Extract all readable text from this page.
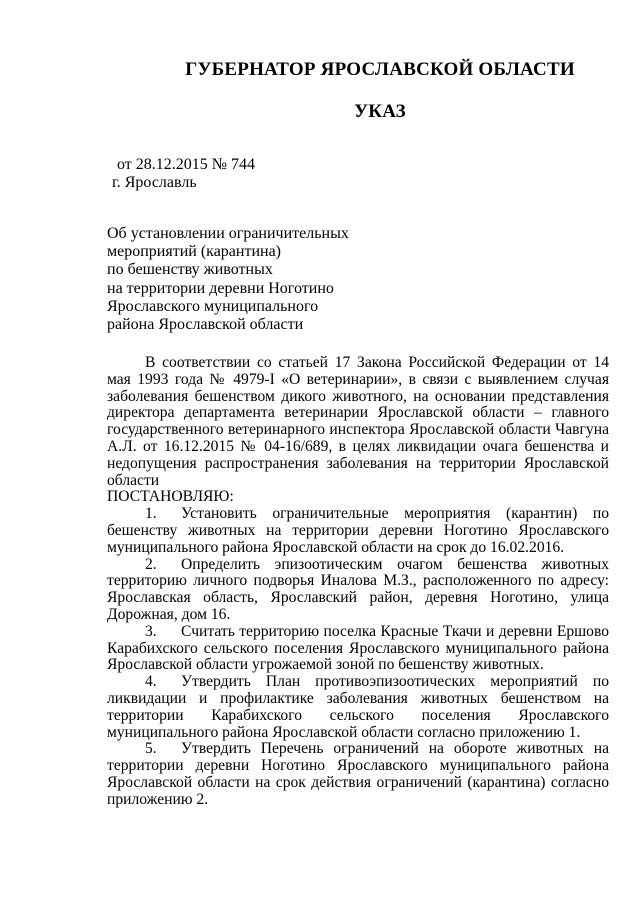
ГУБЕРНАТОР ЯРОСЛАВСКОЙ ОБЛАСТИ
УКАЗ
от 28.12.2015 № 744
г. Ярославль
Об установлении ограничительных
мероприятий (карантина)
по бешенству животных
на территории деревни Ноготино
Ярославского муниципального
района Ярославской области

В соответствии со статьей 17 Закона Российской Федерации от 14 мая 1993 года № 4979-I «О ветеринарии», в связи с выявлением случая заболевания бешенством дикого животного, на основании представления директора департамента ветеринарии Ярославской области – главного государственного ветеринарного инспектора Ярославской области Чавгуна А.Л. от 16.12.2015 № 04-16/689, в целях ликвидации очага бешенства и недопущения распространения заболевания на территории Ярославской области

ПОСТАНОВЛЯЮ:

1. Установить ограничительные мероприятия (карантин) по бешенству животных на территории деревни Ноготино Ярославского муниципального района Ярославской области на срок до 16.02.2016.

2. Определить эпизоотическим очагом бешенства животных территорию личного подворья Иналова М.З., расположенного по адресу: Ярославская область, Ярославский район, деревня Ноготино, улица Дорожная, дом 16.

3. Считать территорию поселка Красные Ткачи и деревни Ершово Карабихского сельского поселения Ярославского муниципального района Ярославской области угрожаемой зоной по бешенству животных.

4. Утвердить План противоэпизоотических мероприятий по ликвидации и профилактике заболевания животных бешенством на территории Карабихского сельского поселения Ярославского муниципального района Ярославской области согласно приложению 1.

5. Утвердить Перечень ограничений на обороте животных на территории деревни Ноготино Ярославского муниципального района Ярославской области на срок действия ограничений (карантина) согласно приложению 2.
